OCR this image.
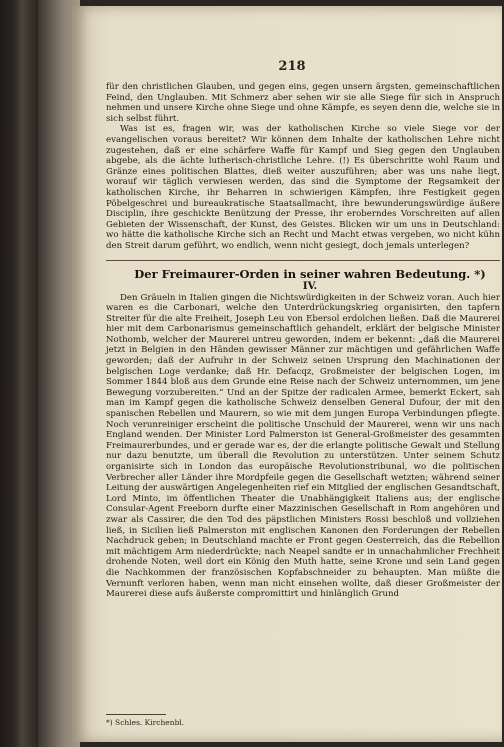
218

für den christlichen Glauben, und gegen eins, gegen unsern ärgsten, gemeinschaftlichen Feind, den Unglauben. Mit Schmerz aber sehen wir sie alle Siege für sich in Anspruch nehmen und unsere Kirche ohne Siege und ohne Kämpfe, es seyen denn die, welche sie in sich selbst führt.

Was ist es, fragen wir, was der katholischen Kirche so viele Siege vor der evangelischen voraus bereitet? Wir können dem Inhalte der katholischen Lehre nicht zugestehen, daß er eine schärfere Waffe für Kampf und Sieg gegen den Unglauben abgebe, als die ächte lutherisch-christliche Lehre. (!) Es überschritte wohl Raum und Gränze eines politischen Blattes, dieß weiter auszuführen; aber was uns nahe liegt, worauf wir täglich verwiesen werden, das sind die Symptome der Regsamkeit der katholischen Kirche, ihr Beharren in schwierigen Kämpfen, ihre Festigkeit gegen Pöbelgeschrei und bureaukratische Staatsallmacht, ihre bewunderungswürdige äußere Disciplin, ihre geschickte Benützung der Presse, ihr eroberndes Vorschreiten auf allen Gebieten der Wissenschaft, der Kunst, des Geistes. Blicken wir um uns in Deutschland: wo hätte die katholische Kirche sich an Recht und Macht etwas vergeben, wo nicht kühn den Streit darum geführt, wo endlich, wenn nicht gesiegt, doch jemals unterlegen?

Der Freimaurer-Orden in seiner wahren Bedeutung. *)

IV.

Den Gräueln in Italien gingen die Nichtswürdigkeiten in der Schweiz voran. Auch hier waren es die Carbonari, welche den Unterdrückungskrieg organisirten, den tapfern Streiter für die alte Freiheit, Joseph Leu von Ebersol erdolchen ließen. Daß die Maurerei hier mit dem Carbonarismus gemeinschaftlich gehandelt, erklärt der belgische Minister Nothomb, welcher der Maurerei untreu geworden, indem er bekennt: „daß die Maurerei jetzt in Belgien in den Händen gewisser Männer zur mächtigen und gefährlichen Waffe geworden; daß der Aufruhr in der Schweiz seinen Ursprung den Machinationen der belgischen Loge verdanke; daß Hr. Defacqz, Großmeister der belgischen Logen, im Sommer 1844 bloß aus dem Grunde eine Reise nach der Schweiz unternommen, um jene Bewegung vorzubereiten.“ Und an der Spitze der radicalen Armee, bemerkt Eckert, sah man im Kampf gegen die katholische Schweiz denselben General Dufour, der mit den spanischen Rebellen und Maurern, so wie mit dem jungen Europa Verbindungen pflegte. Noch verunreiniger erscheint die politische Unschuld der Maurerei, wenn wir uns nach England wenden. Der Minister Lord Palmerston ist General-Großmeister des gesammten Freimaurerbundes, und er gerade war es, der die erlangte politische Gewalt und Stellung nur dazu benutzte, um überall die Revolution zu unterstützen. Unter seinem Schutz organisirte sich in London das europäische Revolutionstribunal, wo die politischen Verbrecher aller Länder ihre Mordpfeile gegen die Gesellschaft wetzten; während seiner Leitung der auswärtigen Angelegenheiten rief ein Mitglied der englischen Gesandtschaft, Lord Minto, im öffentlichen Theater die Unabhängigkeit Italiens aus; der englische Consular-Agent Freeborn durfte einer Mazzinischen Gesellschaft in Rom angehören und zwar als Cassirer, die den Tod des päpstlichen Ministers Rossi beschloß und vollziehen ließ, in Sicilien ließ Palmerston mit englischen Kanonen den Forderungen der Rebellen Nachdruck geben; in Deutschland machte er Front gegen Oesterreich, das die Rebellion mit mächtigem Arm niederdrückte; nach Neapel sandte er in unnachahmlicher Frechheit drohende Noten, weil dort ein König den Muth hatte, seine Krone und sein Land gegen die Nachkommen der französischen Kopfabschneider zu behaupten. Man müßte die Vernunft verloren haben, wenn man nicht einsehen wollte, daß dieser Großmeister der Maurerei diese aufs äußerste compromittirt und hinlänglich Grund

*) Schles. Kirchenbl.
